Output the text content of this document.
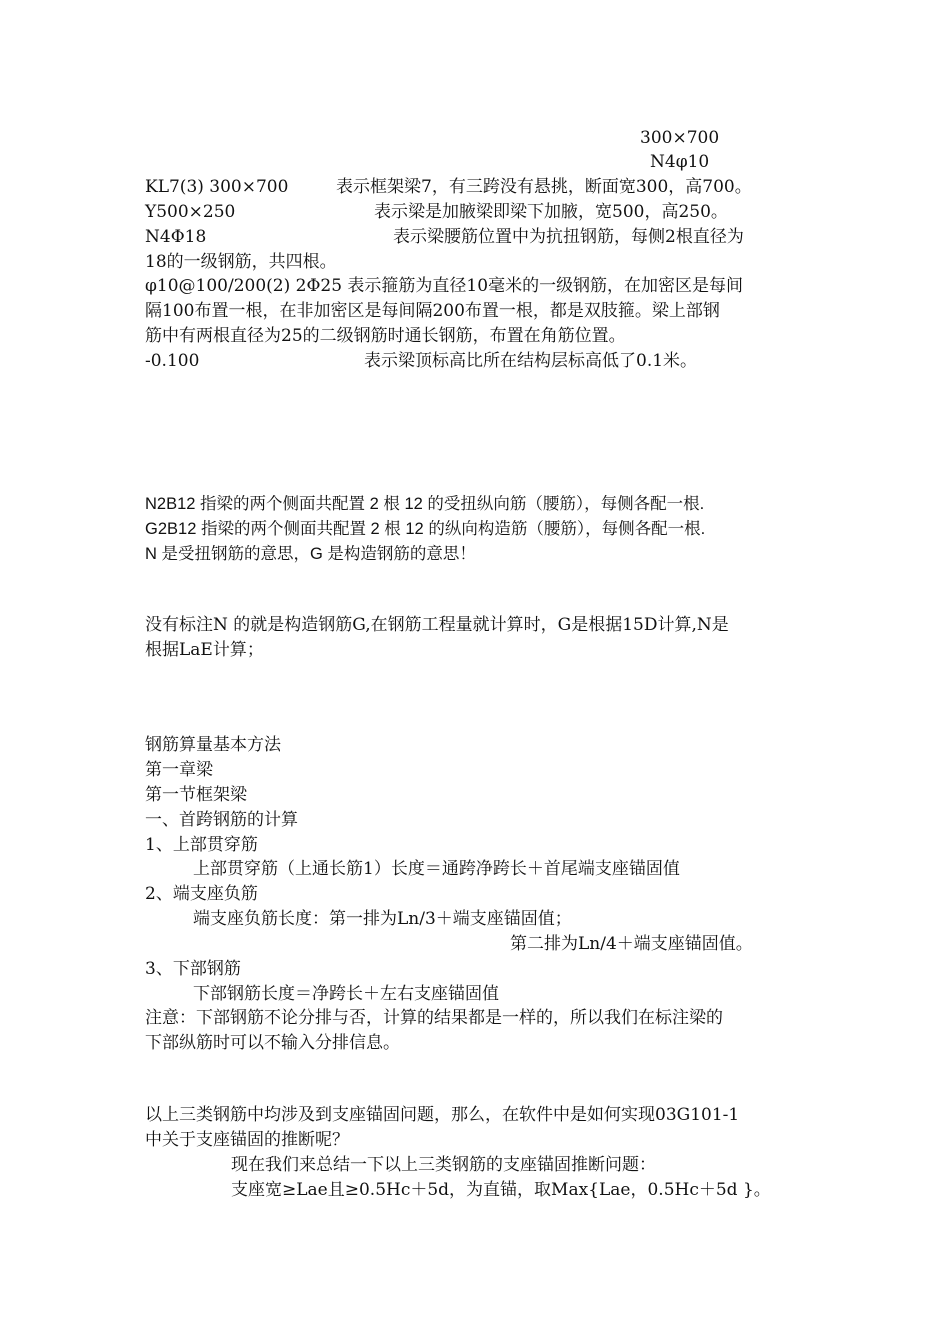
300×700
N4φ10
KL7(3) 300×700	表示框架梁7，有三跨没有悬挑，断面宽300，高700。
Y500×250	表示梁是加腋梁即梁下加腋，宽500，高250。
N4Φ18	表示梁腰筋位置中为抗扭钢筋，每侧2根直径为
18的一级钢筋，共四根。
φ10@100/200(2) 2Φ25 表示箍筋为直径10毫米的一级钢筋，在加密区是每间
隔100布置一根，在非加密区是每间隔200布置一根，都是双肢箍。梁上部钢
筋中有两根直径为25的二级钢筋时通长钢筋，布置在角筋位置。
-0.100	表示梁顶标高比所在结构层标高低了0.1米。
N2B12 指梁的两个侧面共配置 2 根 12 的受扭纵向筋（腰筋），每侧各配一根.
G2B12 指梁的两个侧面共配置 2 根 12 的纵向构造筋（腰筋），每侧各配一根.
N 是受扭钢筋的意思，G 是构造钢筋的意思！
没有标注N 的就是构造钢筋G,在钢筋工程量就计算时，G是根据15D计算,N是
根据LaE计算；
钢筋算量基本方法
第一章梁
第一节框架梁
一、首跨钢筋的计算
1、上部贯穿筋
上部贯穿筋（上通长筋1）长度＝通跨净跨长＋首尾端支座锚固值
2、端支座负筋
端支座负筋长度：第一排为Ln/3＋端支座锚固值；
第二排为Ln/4＋端支座锚固值。
3、下部钢筋
下部钢筋长度＝净跨长＋左右支座锚固值
注意：下部钢筋不论分排与否，计算的结果都是一样的，所以我们在标注梁的
下部纵筋时可以不输入分排信息。
以上三类钢筋中均涉及到支座锚固问题，那么，在软件中是如何实现03G101-1
中关于支座锚固的推断呢？
现在我们来总结一下以上三类钢筋的支座锚固推断问题：
支座宽≥Lae且≥0.5Hc＋5d，为直锚，取Max{Lae，0.5Hc＋5d }。
